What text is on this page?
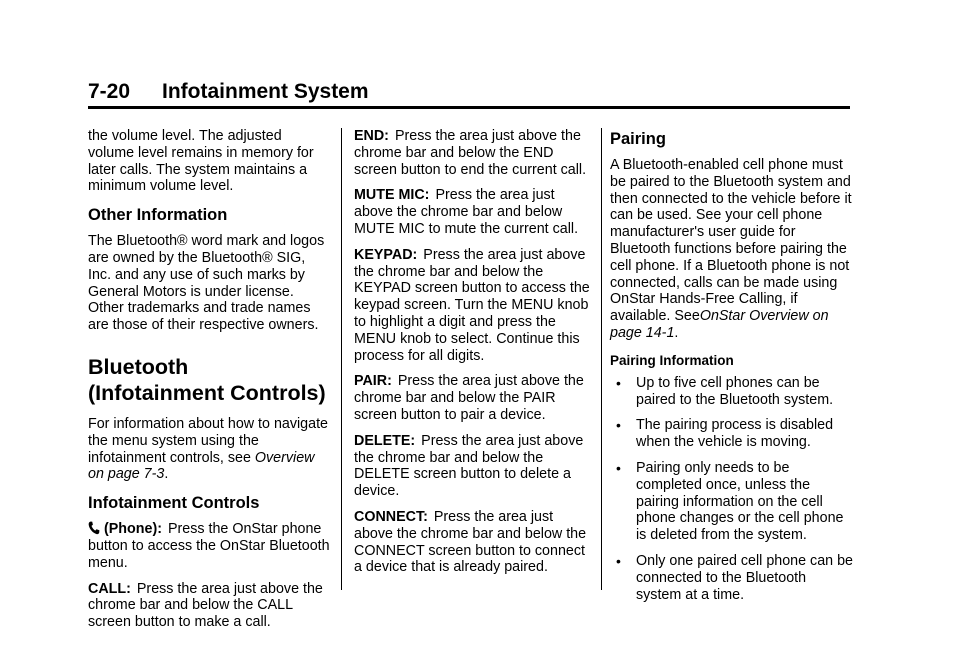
7-20 Infotainment System

the volume level. The adjusted volume level remains in memory for later calls. The system maintains a minimum volume level.

Other Information

The Bluetooth® word mark and logos are owned by the Bluetooth® SIG, Inc. and any use of such marks by General Motors is under license. Other trademarks and trade names are those of their respective owners.

Bluetooth (Infotainment Controls)

For information about how to navigate the menu system using the infotainment controls, see Overview on page 7-3.

Infotainment Controls

(Phone): Press the OnStar phone button to access the OnStar Bluetooth menu.

CALL: Press the area just above the chrome bar and below the CALL screen button to make a call.

END: Press the area just above the chrome bar and below the END screen button to end the current call.

MUTE MIC: Press the area just above the chrome bar and below MUTE MIC to mute the current call.

KEYPAD: Press the area just above the chrome bar and below the KEYPAD screen button to access the keypad screen. Turn the MENU knob to highlight a digit and press the MENU knob to select. Continue this process for all digits.

PAIR: Press the area just above the chrome bar and below the PAIR screen button to pair a device.

DELETE: Press the area just above the chrome bar and below the DELETE screen button to delete a device.

CONNECT: Press the area just above the chrome bar and below the CONNECT screen button to connect a device that is already paired.

Pairing

A Bluetooth-enabled cell phone must be paired to the Bluetooth system and then connected to the vehicle before it can be used. See your cell phone manufacturer's user guide for Bluetooth functions before pairing the cell phone. If a Bluetooth phone is not connected, calls can be made using OnStar Hands-Free Calling, if available. SeeOnStar Overview on page 14-1.

Pairing Information
• Up to five cell phones can be paired to the Bluetooth system.
• The pairing process is disabled when the vehicle is moving.
• Pairing only needs to be completed once, unless the pairing information on the cell phone changes or the cell phone is deleted from the system.
• Only one paired cell phone can be connected to the Bluetooth system at a time.
